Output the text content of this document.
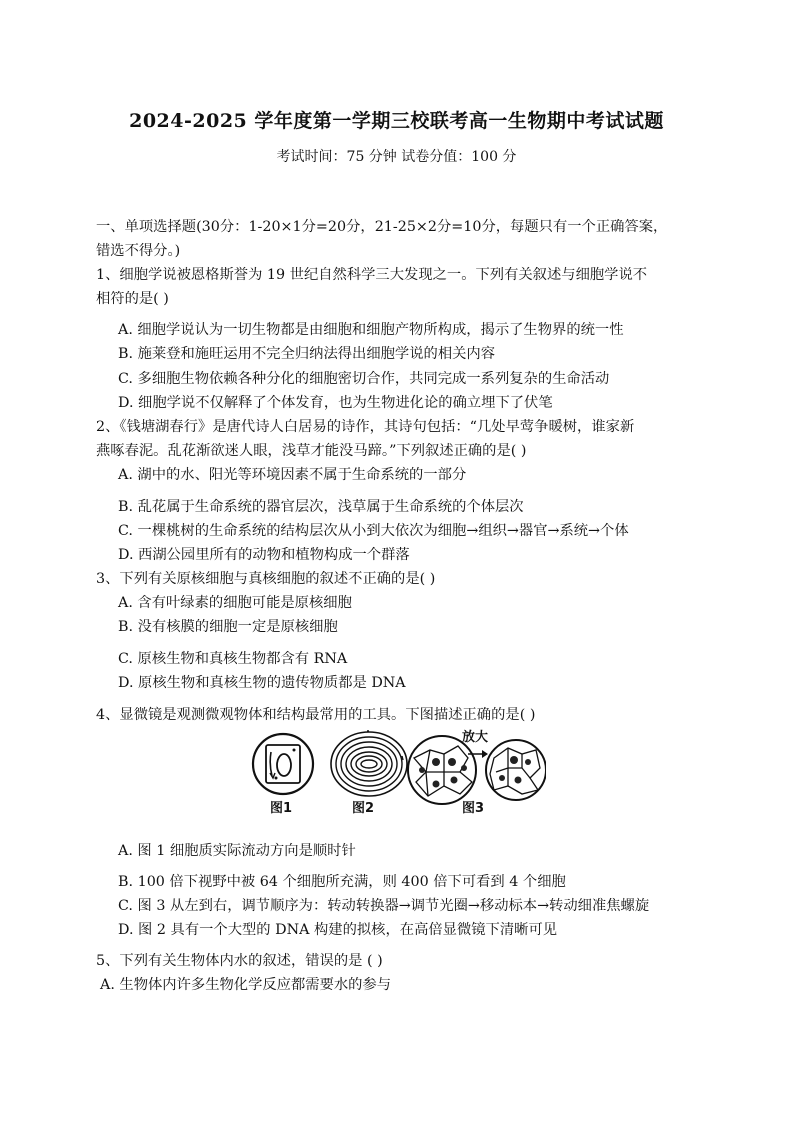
2024-2025 学年度第一学期三校联考高一生物期中考试试题
考试时间：75 分钟 试卷分值：100 分
一、单项选择题(30分：1-20×1分=20分，21-25×2分=10分，每题只有一个正确答案，
错选不得分。)
1、细胞学说被恩格斯誉为 19 世纪自然科学三大发现之一。下列有关叙述与细胞学说不
相符的是( )
A. 细胞学说认为一切生物都是由细胞和细胞产物所构成，揭示了生物界的统一性
B. 施莱登和施旺运用不完全归纳法得出细胞学说的相关内容
C. 多细胞生物依赖各种分化的细胞密切合作，共同完成一系列复杂的生命活动
D. 细胞学说不仅解释了个体发育，也为生物进化论的确立埋下了伏笔
2、《钱塘湖春行》是唐代诗人白居易的诗作，其诗句包括：“几处早莺争暖树，谁家新
燕啄春泥。乱花渐欲迷人眼，浅草才能没马蹄。”下列叙述正确的是( )
A. 湖中的水、阳光等环境因素不属于生命系统的一部分
B. 乱花属于生命系统的器官层次，浅草属于生命系统的个体层次
C. 一棵桃树的生命系统的结构层次从小到大依次为细胞→组织→器官→系统→个体
D. 西湖公园里所有的动物和植物构成一个群落
3、下列有关原核细胞与真核细胞的叙述不正确的是( )
A. 含有叶绿素的细胞可能是原核细胞
B. 没有核膜的细胞一定是原核细胞
C. 原核生物和真核生物都含有 RNA
D. 原核生物和真核生物的遗传物质都是 DNA
4、显微镜是观测微观物体和结构最常用的工具。下图描述正确的是( )
图1	图2	图3
放大
A. 图 1 细胞质实际流动方向是顺时针
B. 100 倍下视野中被 64 个细胞所充满，则 400 倍下可看到 4 个细胞
C. 图 3 从左到右，调节顺序为：转动转换器→调节光圈→移动标本→转动细准焦螺旋
D. 图 2 具有一个大型的 DNA 构建的拟核，在高倍显微镜下清晰可见
5、下列有关生物体内水的叙述，错误的是 ( )
A. 生物体内许多生物化学反应都需要水的参与
